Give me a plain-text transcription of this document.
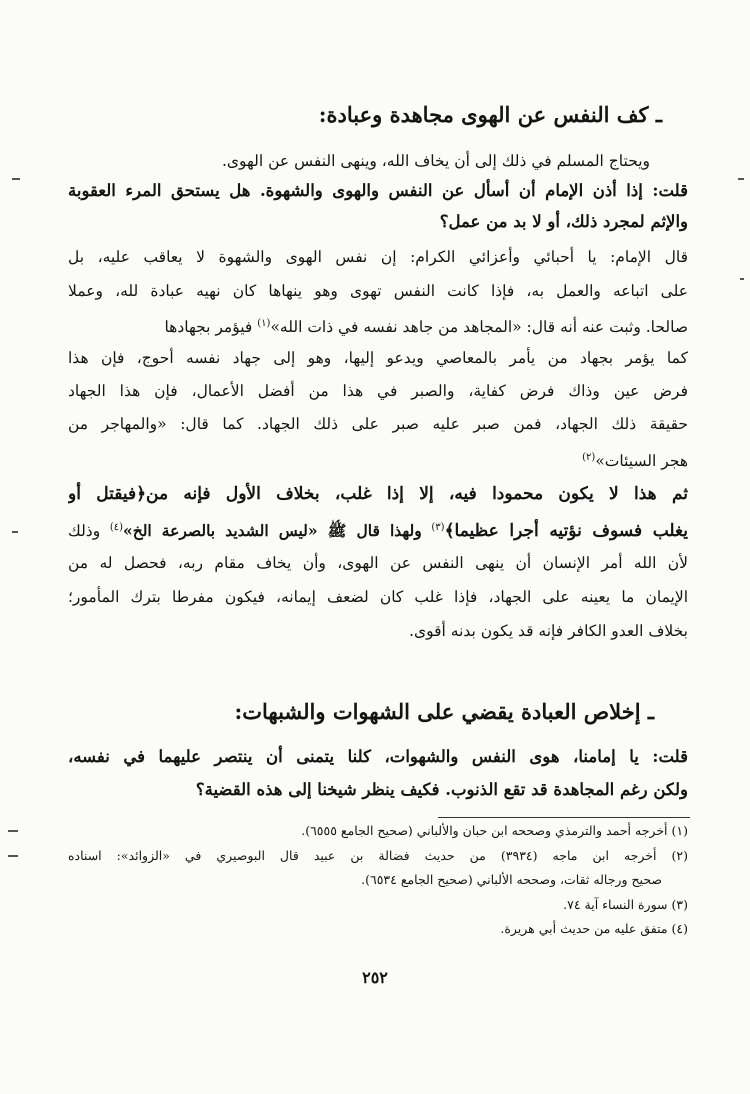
ـ كف النفس عن الهوى مجاهدة وعبادة:
ويحتاج المسلم في ذلك إلى أن يخاف الله، وينهى النفس عن الهوى.
قلت: إذا أذن الإمام أن أسأل عن النفس والهوى والشهوة. هل يستحق المرء العقوبة
والإثم لمجرد ذلك، أو لا بد من عمل؟
قال الإمام: يا أحبائي وأعزائي الكرام: إن نفس الهوى والشهوة لا يعاقب عليه، بل
على اتباعه والعمل به، فإذا كانت النفس تهوى وهو ينهاها كان نهيه عبادة لله، وعملا
صالحا. وثبت عنه أنه قال: «المجاهد من جاهد نفسه في ذات الله»$^{(١)}$ فيؤمر بجهادها
كما يؤمر بجهاد من يأمر بالمعاصي ويدعو إليها، وهو إلى جهاد نفسه أحوج، فإن هذا
فرض عين وذاك فرض كفاية، والصبر في هذا من أفضل الأعمال، فإن هذا الجهاد
حقيقة ذلك الجهاد، فمن صبر عليه صبر على ذلك الجهاد. كما قال: «والمهاجر من
هجر السيئات»$^{(٢)}$
ثم هذا لا يكون محمودا فيه، إلا إذا غلب، بخلاف الأول فإنه من﴿فيقتل أو
يغلب فسوف نؤتيه أجرا عظيما﴾$^{(٣)}$ ولهذا قال ﷺ «ليس الشديد بالصرعة الخ»$^{(٤)}$ وذلك
لأن الله أمر الإنسان أن ينهى النفس عن الهوى، وأن يخاف مقام ربه، فحصل له من
الإيمان ما يعينه على الجهاد، فإذا غلب كان لضعف إيمانه، فيكون مفرطا بترك المأمور؛
بخلاف العدو الكافر فإنه قد يكون بدنه أقوى.
ـ إخلاص العبادة يقضي على الشهوات والشبهات:
قلت: يا إمامنا، هوى النفس والشهوات، كلنا يتمنى أن ينتصر عليهما في نفسه،
ولكن رغم المجاهدة قد تقع الذنوب. فكيف ينظر شيخنا إلى هذه القضية؟
(١) أخرجه أحمد والترمذي وصححه ابن حبان والألباني (صحيح الجامع ٦٥٥٥).
(٢) أخرجه ابن ماجه (٣٩٣٤) من حديث فضالة بن عبيد قال البوصيري في «الزوائد»: اسناده
صحيح ورجاله ثقات، وصححه الألباني (صحيح الجامع ٦٥٣٤).
(٣) سورة النساء آية ٧٤.
(٤) متفق عليه من حديث أبي هريرة.
٢٥٢
